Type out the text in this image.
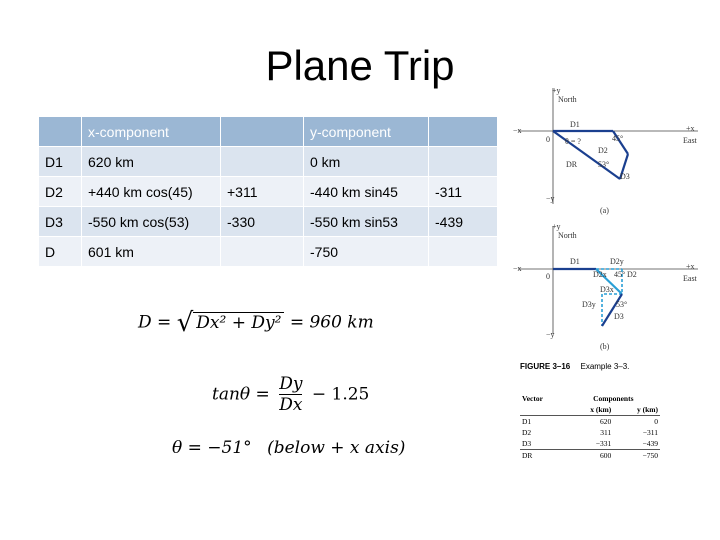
Plane Trip
	x-component		y-component	
D1	620 km		0 km	
D2	+440 km cos(45)	+311	-440 km sin45	-311
D3	-550 km cos(53)	-330	-550 km sin53	-439
D	601 km		-750	
D = √ Dx² + Dy² = 960 km
$\tan\theta = \frac{Dy}{Dx} - 1.25$
θ = −51° (below + x axis)
+y
North
−x	+x
East
0
−y
D1
θ = ?	45°
D2
DR	53°
D3
(a)
+y
North
−x	+x
East
0
−y
D1	D2y
D2x 45° D2
D3x
D3y	53°
D3
(b)
FIGURE 3–16 Example 3–3.
Vector	Components	
	x (km)	y (km)
D1	620	0
D2	311	−311
D3	−331	−439
DR	600	−750
